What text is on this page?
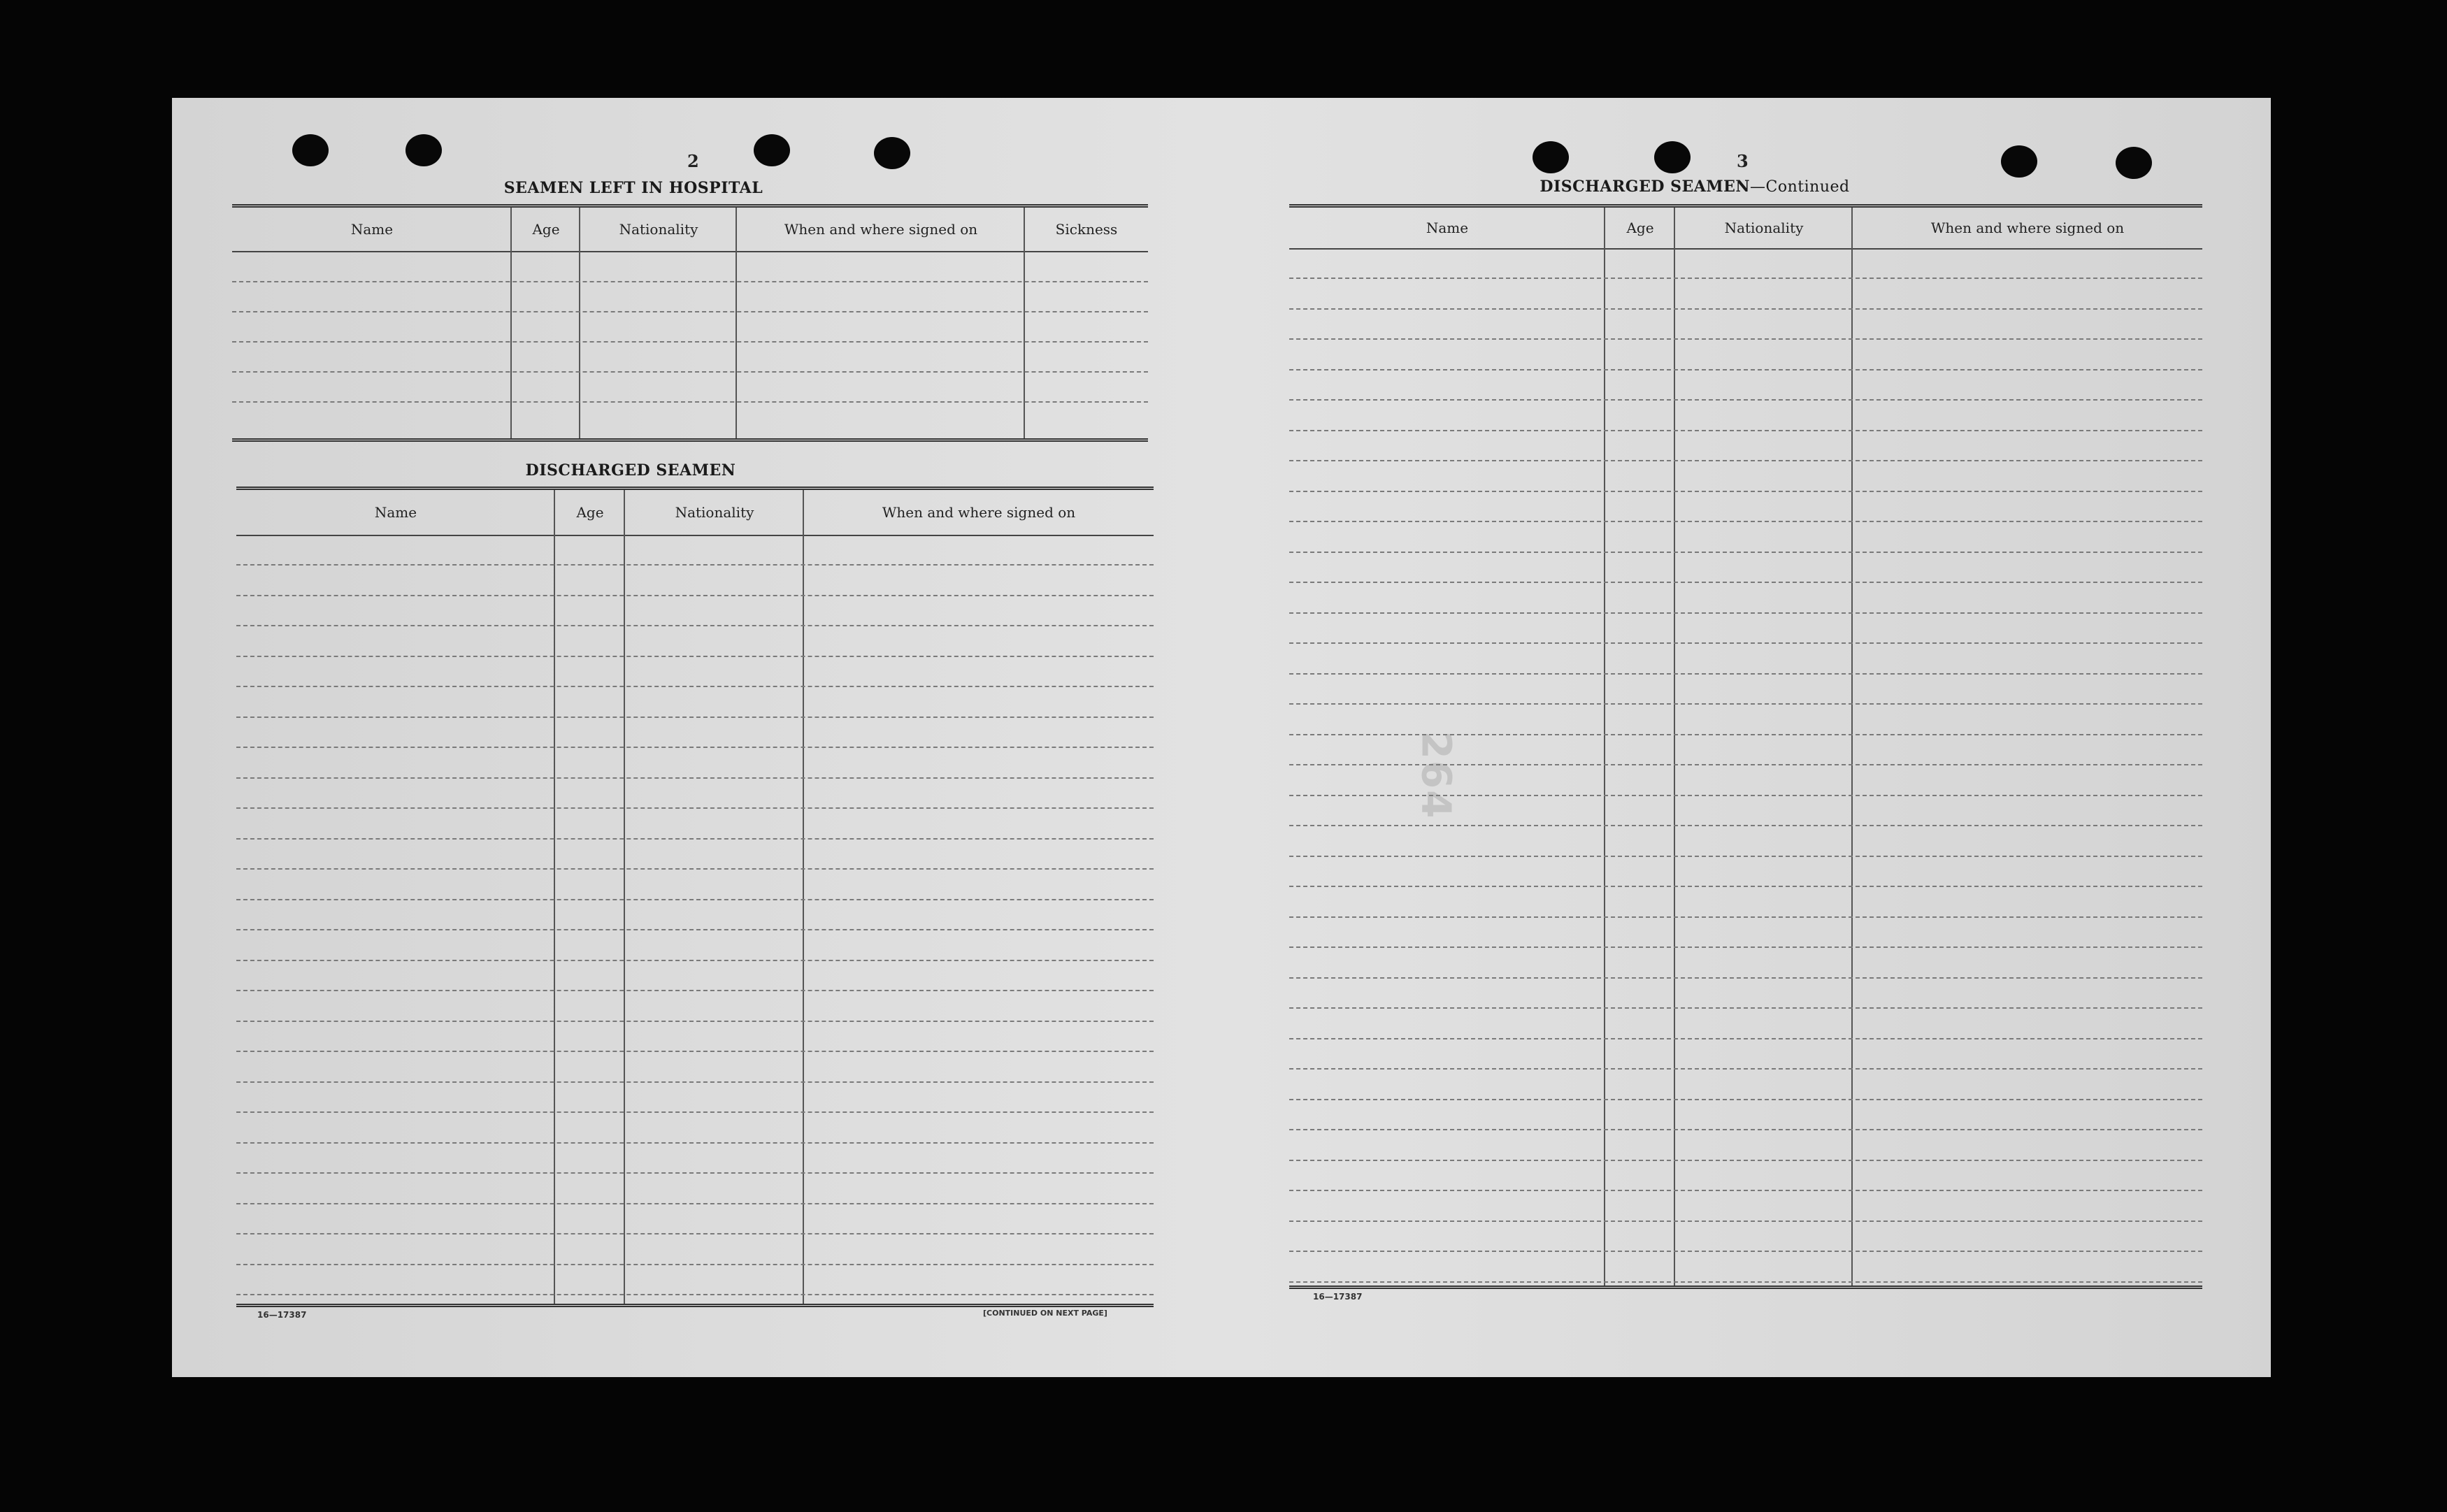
264
2
SEAMEN LEFT IN HOSPITAL
Name	Age	Nationality	When and where signed on	Sickness
DISCHARGED SEAMEN
Name	Age	Nationality	When and where signed on
16—17387	[CONTINUED ON NEXT PAGE]
3
DISCHARGED SEAMEN—Continued
Name	Age	Nationality	When and where signed on
16—17387
